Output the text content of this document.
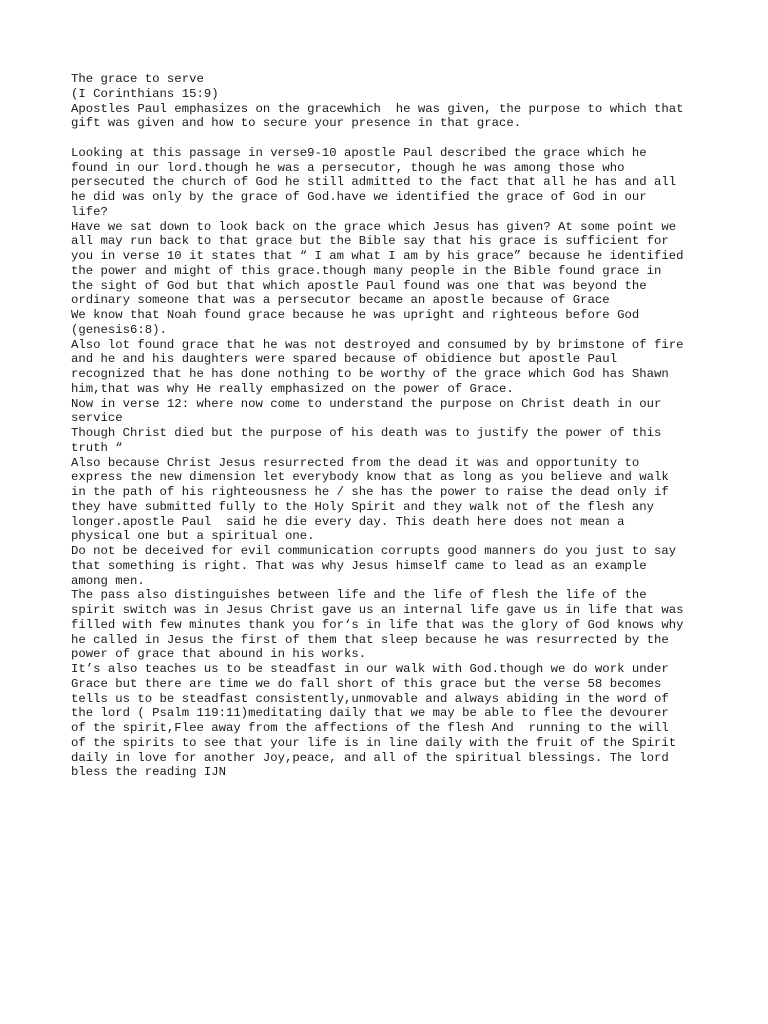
The grace to serve
(I Corinthians 15:9)
Apostles Paul emphasizes on the gracewhich  he was given, the purpose to which that
gift was given and how to secure your presence in that grace.
Looking at this passage in verse9-10 apostle Paul described the grace which he
found in our lord.though he was a persecutor, though he was among those who
persecuted the church of God he still admitted to the fact that all he has and all
he did was only by the grace of God.have we identified the grace of God in our
life?
Have we sat down to look back on the grace which Jesus has given? At some point we
all may run back to that grace but the Bible say that his grace is sufficient for
you in verse 10 it states that “ I am what I am by his grace” because he identified
the power and might of this grace.though many people in the Bible found grace in
the sight of God but that which apostle Paul found was one that was beyond the
ordinary someone that was a persecutor became an apostle because of Grace
We know that Noah found grace because he was upright and righteous before God
(genesis6:8).
Also lot found grace that he was not destroyed and consumed by by brimstone of fire
and he and his daughters were spared because of obidience but apostle Paul
recognized that he has done nothing to be worthy of the grace which God has Shawn
him,that was why He really emphasized on the power of Grace.
Now in verse 12: where now come to understand the purpose on Christ death in our
service
Though Christ died but the purpose of his death was to justify the power of this
truth “
Also because Christ Jesus resurrected from the dead it was and opportunity to
express the new dimension let everybody know that as long as you believe and walk
in the path of his righteousness he / she has the power to raise the dead only if
they have submitted fully to the Holy Spirit and they walk not of the flesh any
longer.apostle Paul  said he die every day. This death here does not mean a
physical one but a spiritual one.
Do not be deceived for evil communication corrupts good manners do you just to say
that something is right. That was why Jesus himself came to lead as an example
among men.
The pass also distinguishes between life and the life of flesh the life of the
spirit switch was in Jesus Christ gave us an internal life gave us in life that was
filled with few minutes thank you for‘s in life that was the glory of God knows why
he called in Jesus the first of them that sleep because he was resurrected by the
power of grace that abound in his works.
It’s also teaches us to be steadfast in our walk with God.though we do work under
Grace but there are time we do fall short of this grace but the verse 58 becomes
tells us to be steadfast consistently,unmovable and always abiding in the word of
the lord ( Psalm 119:11)meditating daily that we may be able to flee the devourer
of the spirit,Flee away from the affections of the flesh And  running to the will
of the spirits to see that your life is in line daily with the fruit of the Spirit
daily in love for another Joy,peace, and all of the spiritual blessings. The lord
bless the reading IJN
